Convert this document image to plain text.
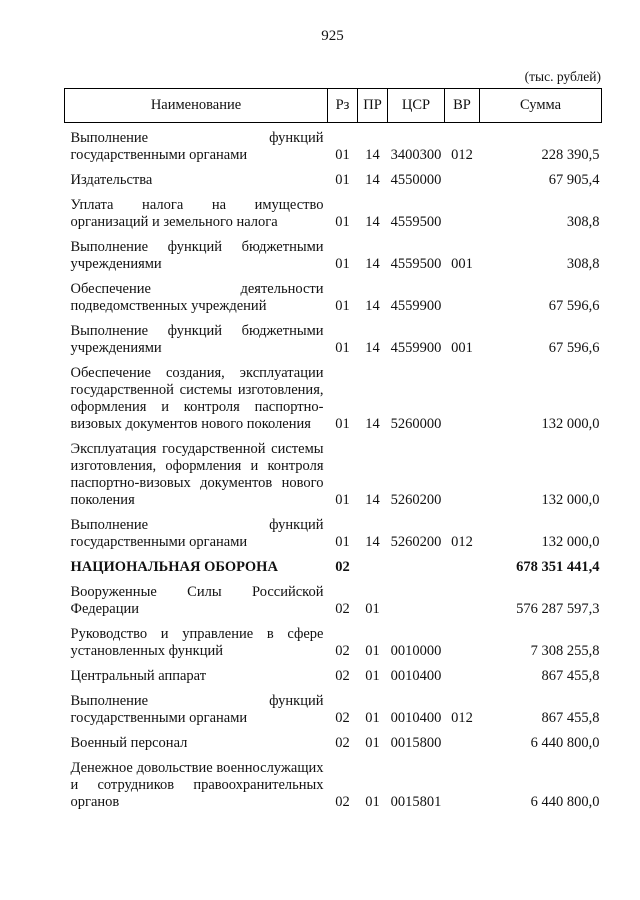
925
(тыс. рублей)
Наименование	Рз	ПР	ЦСР	ВР	Сумма
Выполнение функций государственными органами	01	14	3400300	012	228 390,5
Издательства	01	14	4550000		67 905,4
Уплата налога на имущество организаций и земельного налога	01	14	4559500		308,8
Выполнение функций бюджетными учреждениями	01	14	4559500	001	308,8
Обеспечение деятельности подведомственных учреждений	01	14	4559900		67 596,6
Выполнение функций бюджетными учреждениями	01	14	4559900	001	67 596,6
Обеспечение создания, эксплуатации государственной системы изготовления, оформления и контроля паспортно-визовых документов нового поколения	01	14	5260000		132 000,0
Эксплуатация государственной системы изготовления, оформления и контроля паспортно-визовых документов нового поколения	01	14	5260200		132 000,0
Выполнение функций государственными органами	01	14	5260200	012	132 000,0
НАЦИОНАЛЬНАЯ ОБОРОНА	02				678 351 441,4
Вооруженные Силы Российской Федерации	02	01			576 287 597,3
Руководство и управление в сфере установленных функций	02	01	0010000		7 308 255,8
Центральный аппарат	02	01	0010400		867 455,8
Выполнение функций государственными органами	02	01	0010400	012	867 455,8
Военный персонал	02	01	0015800		6 440 800,0
Денежное довольствие военнослужащих и сотрудников правоохранительных органов	02	01	0015801		6 440 800,0
